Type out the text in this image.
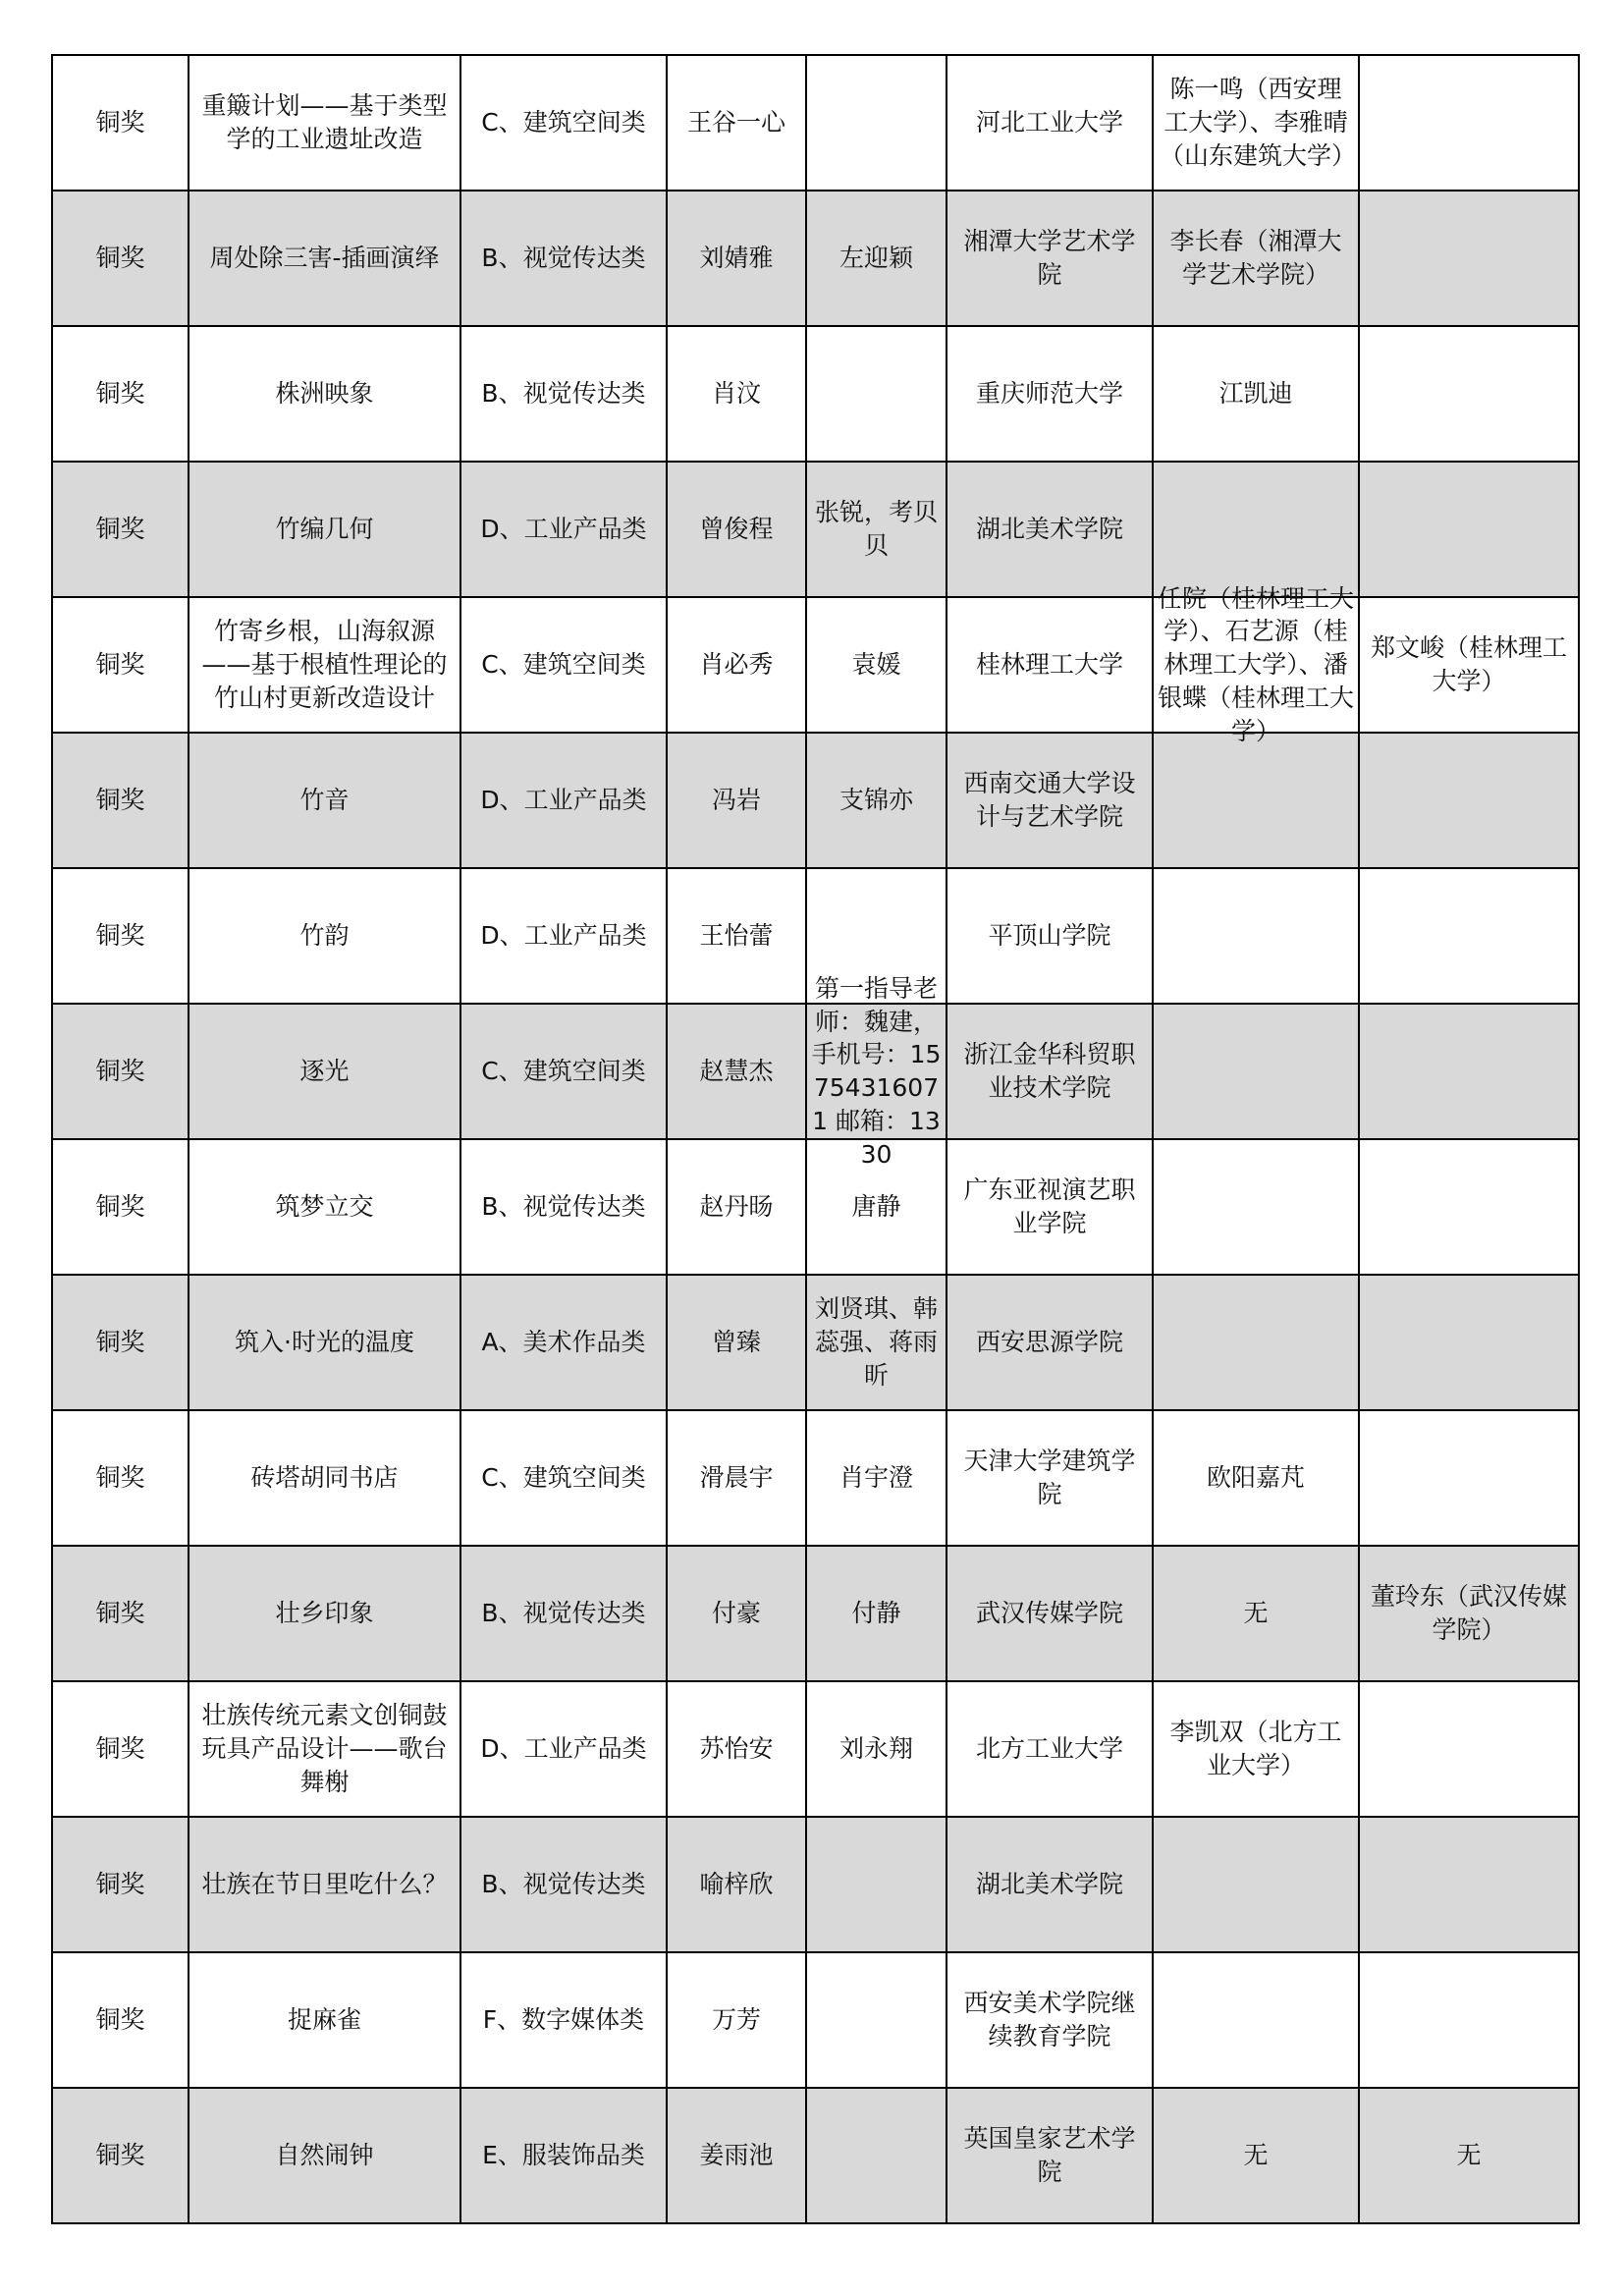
铜奖	重簸计划——基于类型学的工业遗址改造	C、建筑空间类	王谷一心		河北工业大学	陈一鸣（西安理工大学）、李雅晴（山东建筑大学）	
铜奖	周处除三害-插画演绎	B、视觉传达类	刘婧雅	左迎颖	湘潭大学艺术学院	李长春（湘潭大学艺术学院）	
铜奖	株洲映象	B、视觉传达类	肖汶		重庆师范大学	江凯迪	
铜奖	竹编几何	D、工业产品类	曾俊程	张锐，考贝贝	湖北美术学院		
铜奖	竹寄乡根，山海叙源——基于根植性理论的竹山村更新改造设计	C、建筑空间类	肖必秀	袁媛	桂林理工大学	任院（桂林理工大学）、石艺源（桂林理工大学）、潘银蝶（桂林理工大学）	郑文峻（桂林理工大学）
铜奖	竹音	D、工业产品类	冯岩	支锦亦	西南交通大学设计与艺术学院		
铜奖	竹韵	D、工业产品类	王怡蕾		平顶山学院		
铜奖	逐光	C、建筑空间类	赵慧杰	第一指导老师：魏建，手机号：15754316071 邮箱：1330	浙江金华科贸职业技术学院		
铜奖	筑梦立交	B、视觉传达类	赵丹旸	唐静	广东亚视演艺职业学院		
铜奖	筑入·时光的温度	A、美术作品类	曾臻	刘贤琪、韩蕊强、蒋雨昕	西安思源学院		
铜奖	砖塔胡同书店	C、建筑空间类	滑晨宇	肖宇澄	天津大学建筑学院	欧阳嘉芃	
铜奖	壮乡印象	B、视觉传达类	付豪	付静	武汉传媒学院	无	董玲东（武汉传媒学院）
铜奖	壮族传统元素文创铜鼓玩具产品设计——歌台舞榭	D、工业产品类	苏怡安	刘永翔	北方工业大学	李凯双（北方工业大学）	
铜奖	壮族在节日里吃什么？	B、视觉传达类	喻梓欣		湖北美术学院		
铜奖	捉麻雀	F、数字媒体类	万芳		西安美术学院继续教育学院		
铜奖	自然闹钟	E、服装饰品类	姜雨池		英国皇家艺术学院	无	无
